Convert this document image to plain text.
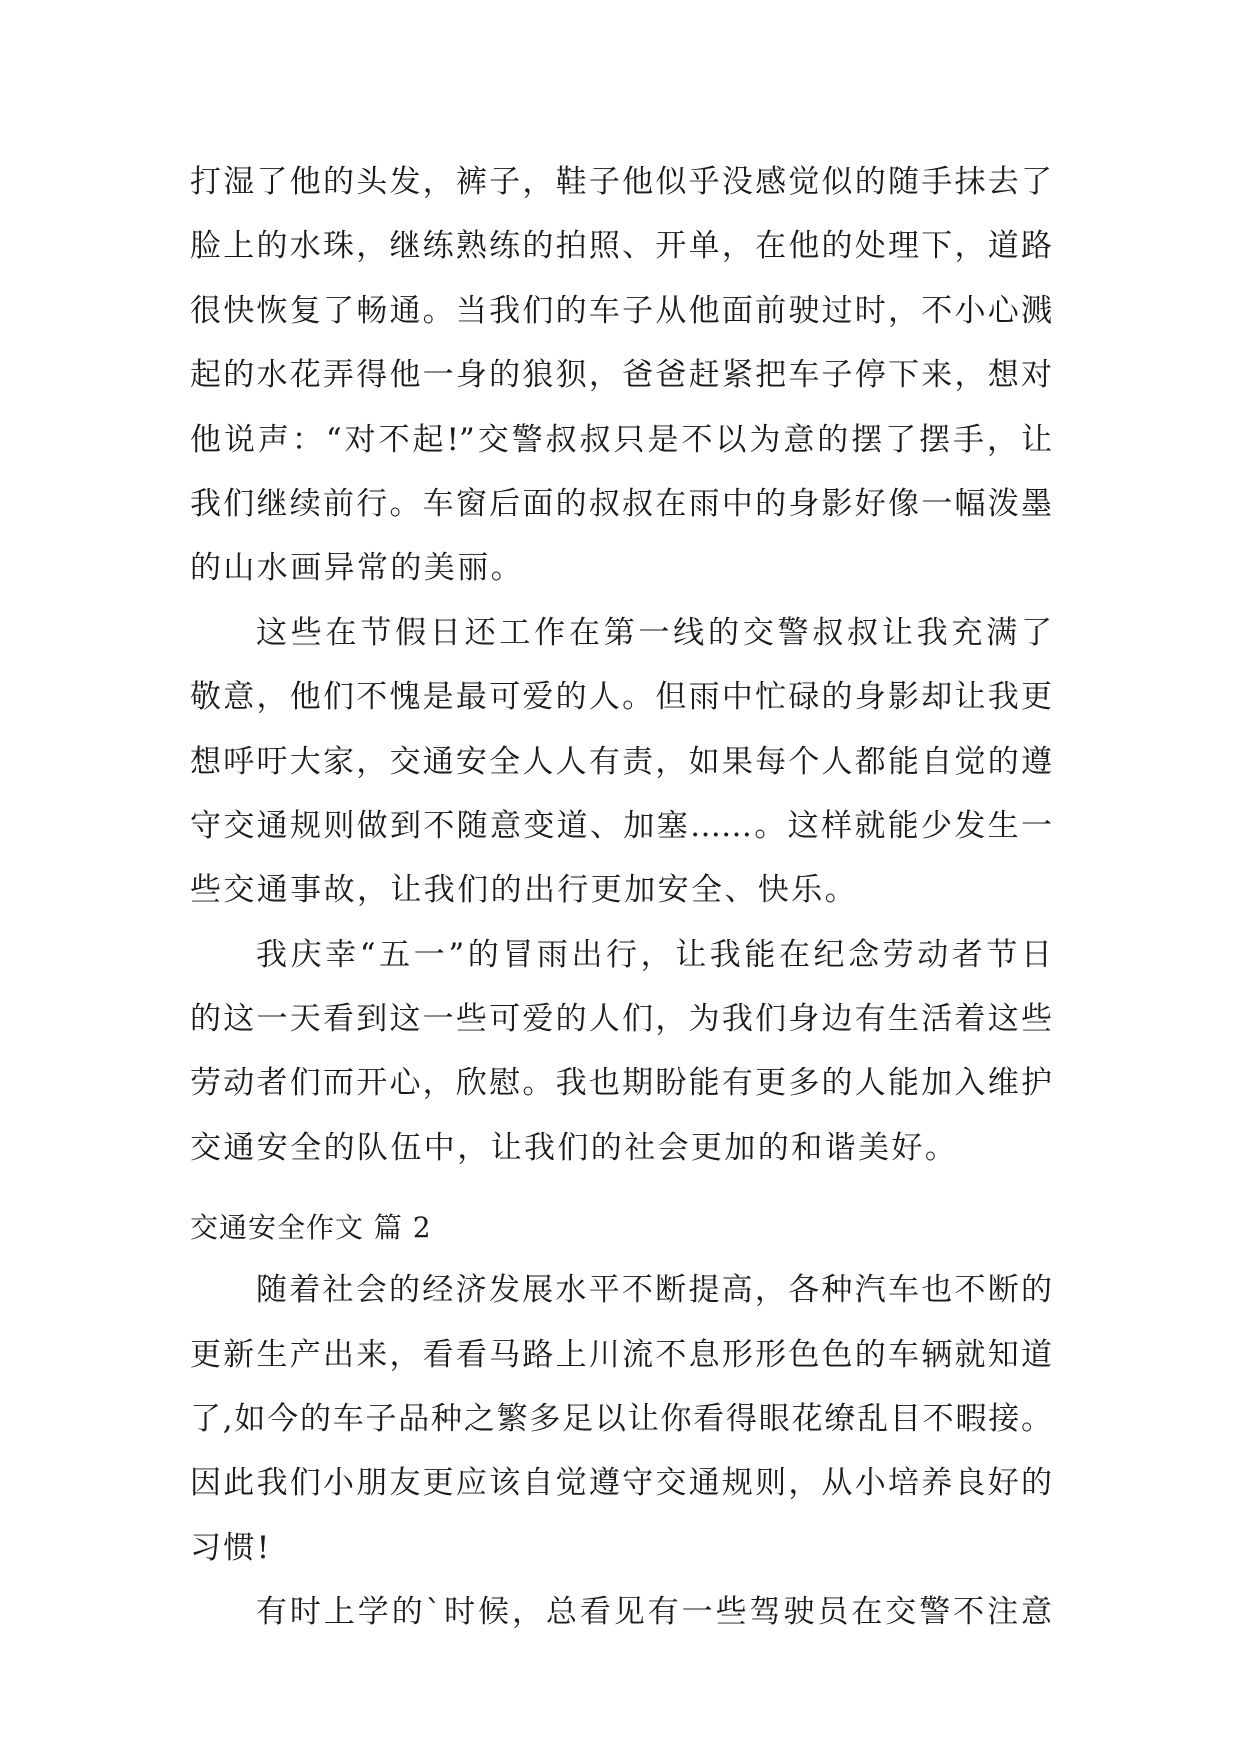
打湿了他的头发，裤子，鞋子他似乎没感觉似的随手抹去了
脸上的水珠，继练熟练的拍照、开单，在他的处理下，道路
很快恢复了畅通。当我们的车子从他面前驶过时，不小心溅
起的水花弄得他一身的狼狈，爸爸赶紧把车子停下来，想对
他说声：“对不起!”交警叔叔只是不以为意的摆了摆手，让
我们继续前行。车窗后面的叔叔在雨中的身影好像一幅泼墨
的山水画异常的美丽。
这些在节假日还工作在第一线的交警叔叔让我充满了
敬意，他们不愧是最可爱的人。但雨中忙碌的身影却让我更
想呼吁大家，交通安全人人有责，如果每个人都能自觉的遵
守交通规则做到不随意变道、加塞……。这样就能少发生一
些交通事故，让我们的出行更加安全、快乐。
我庆幸“五一”的冒雨出行，让我能在纪念劳动者节日
的这一天看到这一些可爱的人们，为我们身边有生活着这些
劳动者们而开心，欣慰。我也期盼能有更多的人能加入维护
交通安全的队伍中，让我们的社会更加的和谐美好。
交通安全作文 篇 2
随着社会的经济发展水平不断提高，各种汽车也不断的
更新生产出来，看看马路上川流不息形形色色的车辆就知道
了,如今的车子品种之繁多足以让你看得眼花缭乱目不暇接。
因此我们小朋友更应该自觉遵守交通规则，从小培养良好的
习惯!
有时上学的`时候，总看见有一些驾驶员在交警不注意
